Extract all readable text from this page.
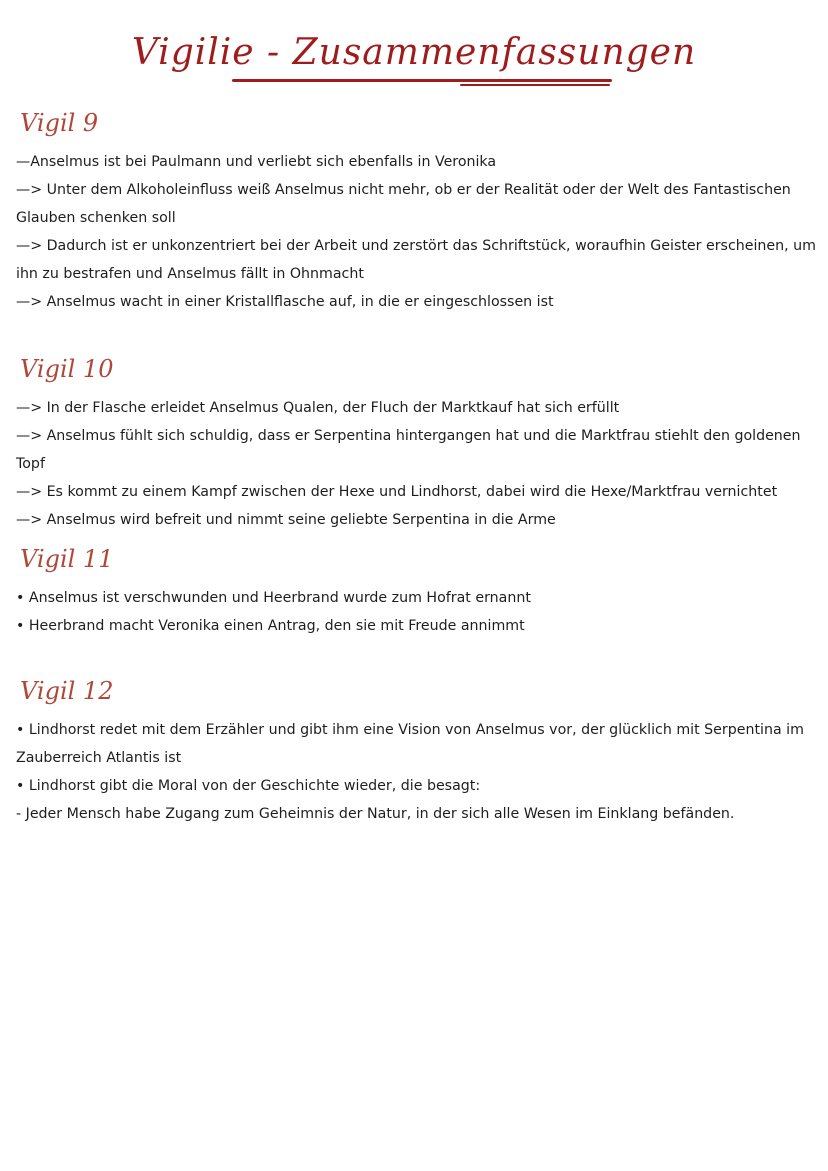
Vigilie - Zusammenfassungen
Vigil 9
—Anselmus ist bei Paulmann und verliebt sich ebenfalls in Veronika
—> Unter dem Alkoholeinfluss weiß Anselmus nicht mehr, ob er der Realität oder der Welt des Fantastischen Glauben schenken soll
—> Dadurch ist er unkonzentriert bei der Arbeit und zerstört das Schriftstück, woraufhin Geister erscheinen, um ihn zu bestrafen und Anselmus fällt in Ohnmacht
—> Anselmus wacht in einer Kristallflasche auf, in die er eingeschlossen ist
Vigil 10
—> In der Flasche erleidet Anselmus Qualen, der Fluch der Marktkauf hat sich erfüllt
—> Anselmus fühlt sich schuldig, dass er Serpentina hintergangen hat und die Marktfrau stiehlt den goldenen Topf
—> Es kommt zu einem Kampf zwischen der Hexe und Lindhorst, dabei wird die Hexe/Marktfrau vernichtet
—> Anselmus wird befreit und nimmt seine geliebte Serpentina in die Arme
Vigil 11
• Anselmus ist verschwunden und Heerbrand wurde zum Hofrat ernannt
• Heerbrand macht Veronika einen Antrag, den sie mit Freude annimmt
Vigil 12
• Lindhorst redet mit dem Erzähler und gibt ihm eine Vision von Anselmus vor, der glücklich mit Serpentina im Zauberreich Atlantis ist
• Lindhorst gibt die Moral von der Geschichte wieder, die besagt:
- Jeder Mensch habe Zugang zum Geheimnis der Natur, in der sich alle Wesen im Einklang befänden.
